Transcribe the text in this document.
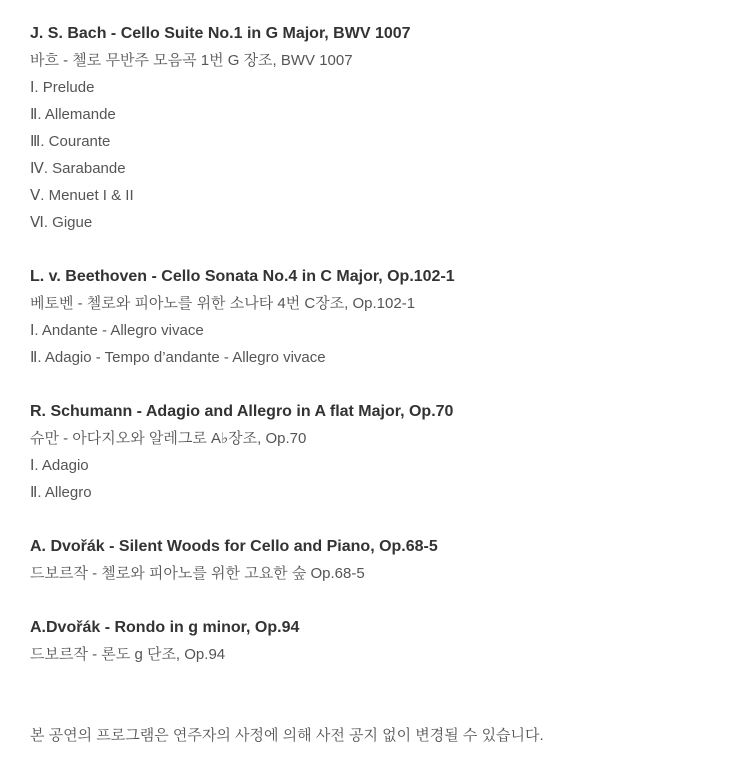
J. S. Bach - Cello Suite No.1 in G Major, BWV 1007

바흐 - 첼로 무반주 모음곡 1번 G 장조, BWV 1007

Ⅰ. Prelude

Ⅱ. Allemande

Ⅲ. Courante

Ⅳ. Sarabande

Ⅴ. Menuet I & II

Ⅵ. Gigue

L. v. Beethoven - Cello Sonata No.4 in C Major, Op.102-1

베토벤 - 첼로와 피아노를 위한 소나타 4번 C장조, Op.102-1

Ⅰ. Andante - Allegro vivace

Ⅱ. Adagio - Tempo d’andante - Allegro vivace

R. Schumann - Adagio and Allegro in A flat Major, Op.70

슈만 - 아다지오와 알레그로 A♭장조, Op.70

Ⅰ. Adagio

Ⅱ. Allegro

A. Dvořák - Silent Woods for Cello and Piano, Op.68-5

드보르작 - 첼로와 피아노를 위한 고요한 숲 Op.68-5

A.Dvořák - Rondo in g minor, Op.94

드보르작 - 론도 g 단조, Op.94

본 공연의 프로그램은 연주자의 사정에 의해 사전 공지 없이 변경될 수 있습니다.
